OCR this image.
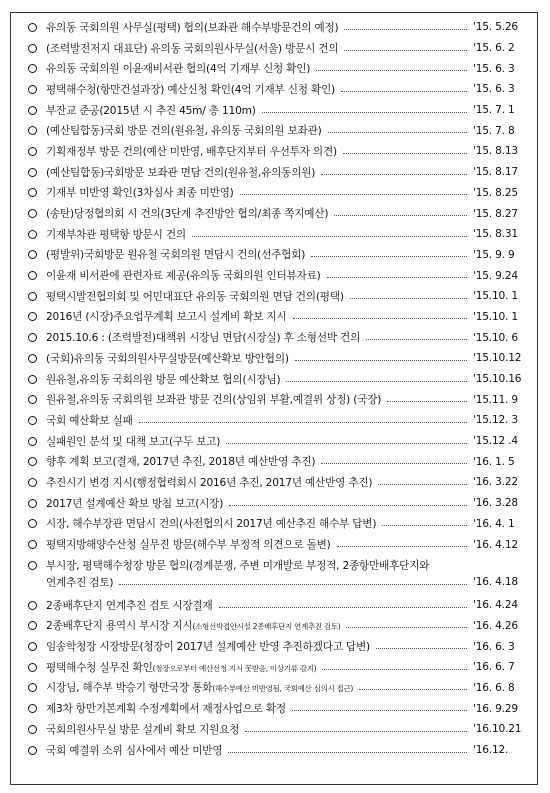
유의동 국회의원 사무실(평택) 협의(보좌관 해수부방문건의 예정)	'15. 5.26
(조력발전저지 대표단) 유의동 국회의원사무실(서울) 방문시 건의	'15. 6. 2
유의동 국회의원 이윤재비서관 협의(4억 기재부 신청 확인)	'15. 6. 3
평택해수청(항만건설과장) 예산신청 확인(4억 기재부 신청 확인)	'15. 6. 3
부잔교 준공(2015년 시 추진 45m/ 총 110m)	'15. 7. 1
(예산팀합동)국회 방문 건의(원유철, 유의동 국회의원 보좌관)	'15. 7. 8
기획재정부 방문 건의(예산 미반영, 배후단지부터 우선투자 의견)	'15. 8.13
(예산팀합동)국회방문 보좌관 면담 건의(원유철,유의동의원)	'15. 8.17
기재부 미반영 확인(3차심사 최종 미반영)	'15. 8.25
(송탄)당정협의회 시 건의(3단계 추진방안 협의/최종 쪽지예산)	'15. 8.27
기재부차관 평택항 방문시 건의	'15. 8.31
(평발위)국회방문 원유철 국회의원 면담시 건의(선주협회)	'15. 9. 9
이윤재 비서관에 관련자료 제공(유의동 국회의원 인터뷰자료)	'15. 9.24
평택시발전협의회 및 어민대표단 유의동 국회의원 면담 건의(평택)	'15.10. 1
2016년 (시장)주요업무계획 보고시 설계비 확보 지시	'15.10. 1
2015.10.6 : (조력발전)대책위 시장님 면담(시장실) 후 소형선박 건의	'15.10. 6
(국회)유의동 국회의원사무실방문(예산확보 방안협의)	'15.10.12
원유철,유의동 국회의원 방문 예산확보 협의(시장님)	'15.10.16
원유철,유의동 국회의원 보좌관 방문 건의(상임위 부활,예결위 상정) (국장)	'15.11. 9
국회 예산확보 실패	'15.12. 3
실패원인 분석 및 대책 보고(구두 보고)	'15.12 .4
향후 계획 보고(결재, 2017년 추진, 2018년 예산반영 추진)	'16. 1. 5
추진시기 변경 지시(행정협력회시 2016년 추진, 2017년 예산반영 추진)	'16. 3.22
2017년 설계예산 확보 방침 보고(시장)	'16. 3.28
시장, 해수부장관 면담시 건의(사전협의시 2017년 예산추진 해수부 답변)	'16. 4. 1
평택지방해양수산청 실무진 방문(해수부 부정적 의견으로 돌변)	'16. 4.12
부시장, 평택해수청장 방문 협의(경계분쟁, 주변 미개발로 부정적, 2종항만배후단지와
연계추진 검토)	'16. 4.18
2종배후단지 연계추진 검토 시장결재	'16. 4.24
2종배후단지 용역시 부시장 지시(소형선박접안시설 2종배후단지 연계추진 검토)	'16. 4.26
임송학청장 시장방문(청장이 2017년 설계예산 반영 추진하겠다고 답변)	'16. 6. 3
평택해수청 실무진 확인(청장으로부터 예산신청 지시 못받음, 이상기류 감지)	'16. 6. 7
시장님, 해수부 박승기 항만국장 통화(해수부예산 미반영됨, 국회예산 심의시 접근)	'16. 6. 8
제3차 항만기본계획 수정계획에서 재정사업으로 확정	'16. 9.29
국회의원사무실 방문 설계비 확보 지원요청	'16.10.21
국회 예결위 소위 심사에서 예산 미반영	'16.12.
